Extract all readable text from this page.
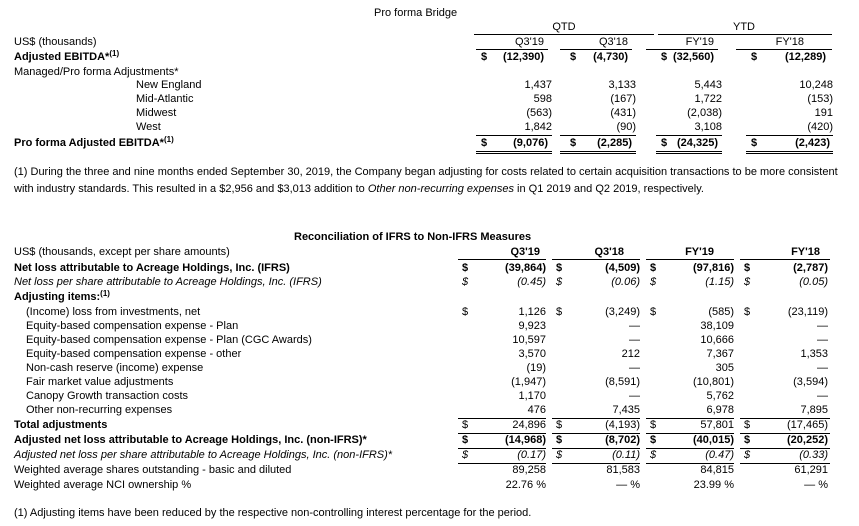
Pro forma Bridge
QTD	YTD
US$ (thousands)	Q3'19	Q3'18	FY'19	FY'18
Adjusted EBITDA*$^{(1)}$	$ (12,390) $	(4,730)	$ (32,560)	$	(12,289)
Managed/Pro forma Adjustments*
New England	1,437	3,133	5,443	10,248
Mid-Atlantic	598	(167)	1,722	(153)
Midwest	(563)	(431)	(2,038)	191
West	1,842	(90)	3,108	(420)
Pro forma Adjusted EBITDA*$^{(1)}$	$	(9,076) $	(2,285)	$ (24,325)	$	(2,423)
(1) During the three and nine months ended September 30, 2019, the Company began adjusting for costs related to certain acquisition transactions to be more consistent with industry standards. This resulted in a $2,956 and $3,013 addition to Other non-recurring expenses in Q1 2019 and Q2 2019, respectively.
Reconciliation of IFRS to Non-IFRS Measures
US$ (thousands, except per share amounts)	Q3'19	Q3'18	FY'19	FY'18
Net loss attributable to Acreage Holdings, Inc. (IFRS)	$	(39,864) $	(4,509) $	(97,816) $	(2,787)
Net loss per share attributable to Acreage Holdings, Inc. (IFRS)	$	(0.45) $	(0.06) $	(1.15) $	(0.05)
Adjusting items:$^{(1)}$
(Income) loss from investments, net	$	1,126 $	(3,249) $	(585) $	(23,119)
Equity-based compensation expense - Plan	9,923	—	38,109	—
Equity-based compensation expense - Plan (CGC Awards)	10,597	—	10,666	—
Equity-based compensation expense - other	3,570	212	7,367	1,353
Non-cash reserve (income) expense	(19)	—	305	—
Fair market value adjustments	(1,947)	(8,591)	(10,801)	(3,594)
Canopy Growth transaction costs	1,170	—	5,762	—
Other non-recurring expenses	476	7,435	6,978	7,895
Total adjustments	$	24,896 $	(4,193) $	57,801 $	(17,465)
Adjusted net loss attributable to Acreage Holdings, Inc. (non-IFRS)*	$	(14,968) $	(8,702) $	(40,015) $	(20,252)
Adjusted net loss per share attributable to Acreage Holdings, Inc. (non-IFRS)*	$	(0.17) $	(0.11) $	(0.47) $	(0.33)
Weighted average shares outstanding - basic and diluted	89,258	81,583	84,815	61,291
Weighted average NCI ownership %	22.76 %	— %	23.99 %	— %
(1) Adjusting items have been reduced by the respective non-controlling interest percentage for the period.
